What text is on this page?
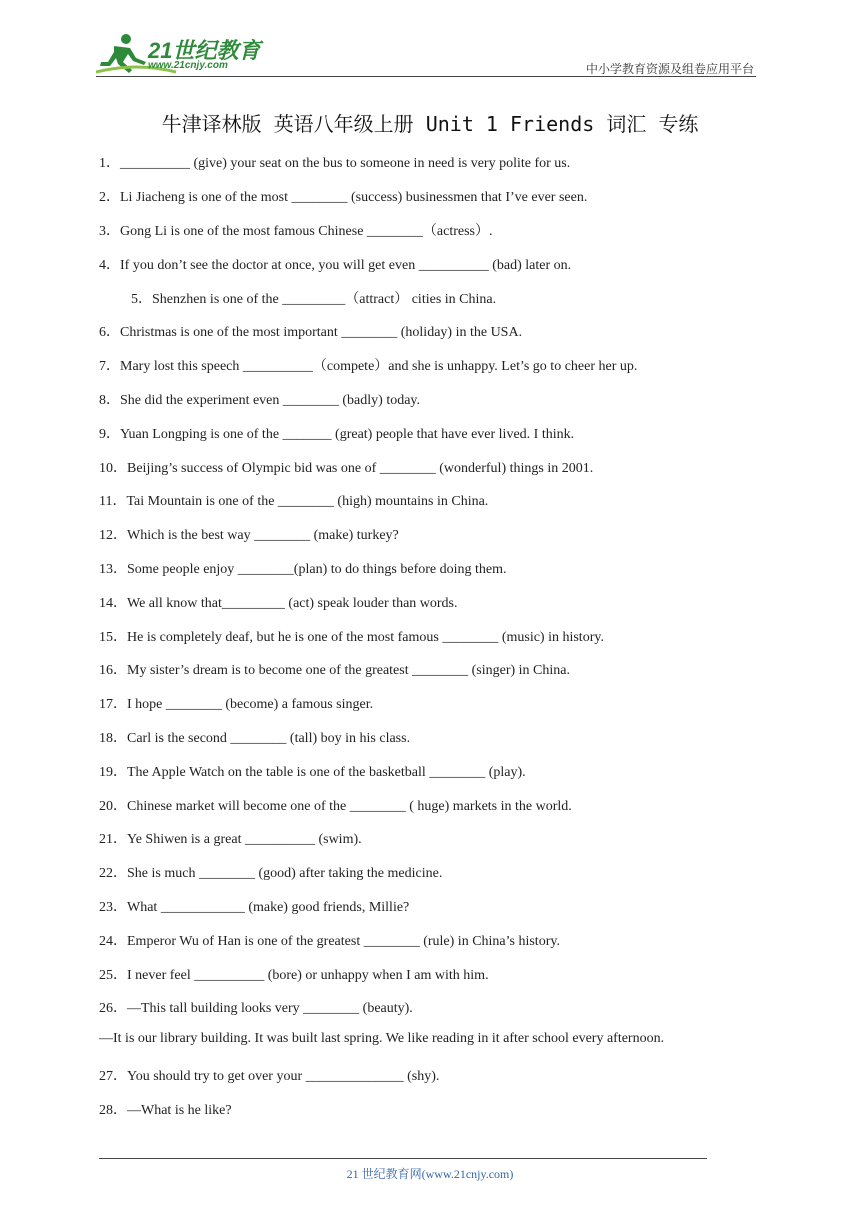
21世纪教育
www.21cnjy.com	中小学教育资源及组卷应用平台
牛津译林版 英语八年级上册 Unit 1 Friends 词汇 专练
1．__________ (give) your seat on the bus to someone in need is very polite for us.
2．Li Jiacheng is one of the most ________ (success) businessmen that I’ve ever seen.
3．Gong Li is one of the most famous Chinese ________（actress）.
4．If you don’t see the doctor at once, you will get even __________ (bad) later on.
5．Shenzhen is one of the _________（attract） cities in China.
6．Christmas is one of the most important ________ (holiday) in the USA.
7．Mary lost this speech __________（compete）and she is unhappy. Let’s go to cheer her up.
8．She did the experiment even ________ (badly) today.
9．Yuan Longping is one of the _______ (great) people that have ever lived. I think.
10．Beijing’s success of Olympic bid was one of ________ (wonderful) things in 2001.
11．Tai Mountain is one of the ________ (high) mountains in China.
12．Which is the best way ________ (make) turkey?
13．Some people enjoy ________(plan) to do things before doing them.
14．We all know that_________ (act) speak louder than words.
15．He is completely deaf, but he is one of the most famous ________ (music) in history.
16．My sister’s dream is to become one of the greatest ________ (singer) in China.
17．I hope ________ (become) a famous singer.
18．Carl is the second ________ (tall) boy in his class.
19．The Apple Watch on the table is one of the basketball ________ (play).
20．Chinese market will become one of the ________ ( huge) markets in the world.
21．Ye Shiwen is a great __________ (swim).
22．She is much ________ (good) after taking the medicine.
23．What ____________ (make) good friends, Millie?
24．Emperor Wu of Han is one of the greatest ________ (rule) in China’s history.
25．I never feel __________ (bore) or unhappy when I am with him.
26．—This tall building looks very ________ (beauty).
—It is our library building. It was built last spring. We like reading in it after school every afternoon.
27．You should try to get over your ______________ (shy).
28．—What is he like?
21 世纪教育网(www.21cnjy.com)
